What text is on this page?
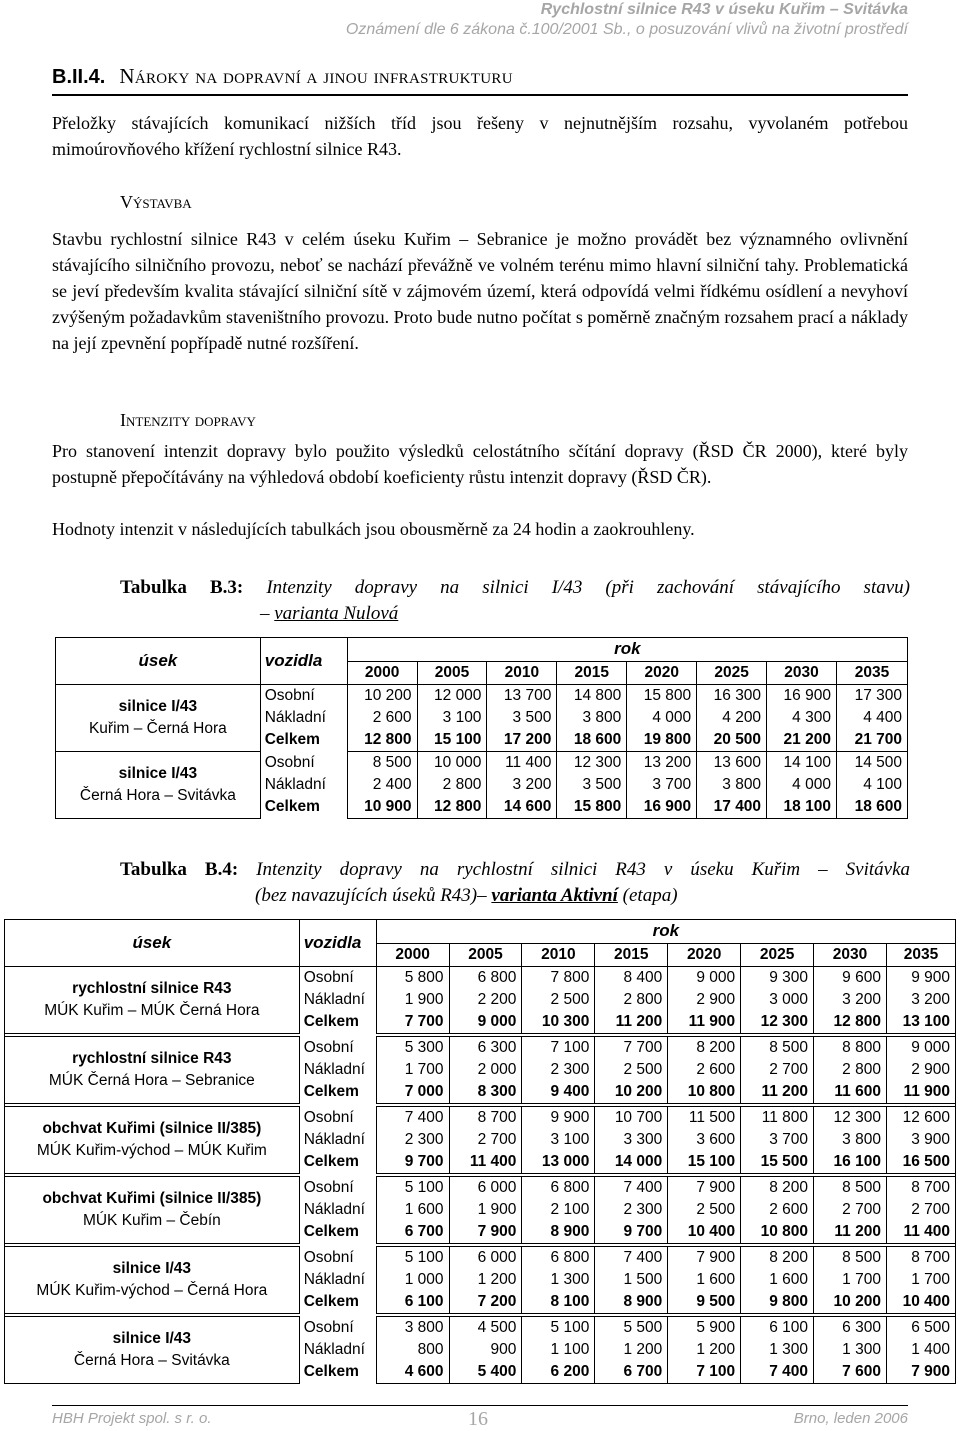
Rychlostní silnice R43 v úseku Kuřim – Svitávka
Oznámení dle 6 zákona č.100/2001 Sb., o posuzování vlivů na životní prostředí
B.II.4. Nároky na dopravní a jinou infrastrukturu

Přeložky stávajících komunikací nižších tříd jsou řešeny v nejnutnějším rozsahu, vyvolaném potřebou mimoúrovňového křížení rychlostní silnice R43.

Výstavba

Stavbu rychlostní silnice R43 v celém úseku Kuřim – Sebranice je možno provádět bez významného ovlivnění stávajícího silničního provozu, neboť se nachází převážně ve volném terénu mimo hlavní silniční tahy. Problematická se jeví především kvalita stávající silniční sítě v zájmovém území, která odpovídá velmi řídkému osídlení a nevyhoví zvýšeným požadavkům staveništního provozu. Proto bude nutno počítat s poměrně značným rozsahem prací a náklady na její zpevnění popřípadě nutné rozšíření.

Intenzity dopravy

Pro stanovení intenzit dopravy bylo použito výsledků celostátního sčítání dopravy (ŘSD ČR 2000), které byly postupně přepočítávány na výhledová období koeficienty růstu intenzit dopravy (ŘSD ČR).

Hodnoty intenzit v následujících tabulkách jsou obousměrně za 24 hodin a zaokrouhleny.

Tabulka B.3: Intenzity dopravy na silnici I/43 (při zachování stávajícího stavu)
– varianta Nulová
úsek	vozidla	rok							
		2000	2005	2010	2015	2020	2025	2030	2035

silnice I/43
Kuřim – Černá Hora	Osobní	10 200	12 000	13 700	14 800	15 800	16 300	16 900	17 300
	Nákladní	2 600	3 100	3 500	3 800	4 000	4 200	4 300	4 400
	Celkem	12 800	15 100	17 200	18 600	19 800	20 500	21 200	21 700

silnice I/43
Černá Hora – Svitávka	Osobní	8 500	10 000	11 400	12 300	13 200	13 600	14 100	14 500
	Nákladní	2 400	2 800	3 200	3 500	3 700	3 800	4 000	4 100
	Celkem	10 900	12 800	14 600	15 800	16 900	17 400	18 100	18 600
Tabulka B.4: Intenzity dopravy na rychlostní silnici R43 v úseku Kuřim – Svitávka
(bez navazujících úseků R43)– varianta Aktivní (etapa)
úsek	vozidla	rok							
		2000	2005	2010	2015	2020	2025	2030	2035

rychlostní silnice R43
MÚK Kuřim – MÚK Černá Hora	Osobní	5 800	6 800	7 800	8 400	9 000	9 300	9 600	9 900
	Nákladní	1 900	2 200	2 500	2 800	2 900	3 000	3 200	3 200
	Celkem	7 700	9 000	10 300	11 200	11 900	12 300	12 800	13 100

rychlostní silnice R43
MÚK Černá Hora – Sebranice	Osobní	5 300	6 300	7 100	7 700	8 200	8 500	8 800	9 000
	Nákladní	1 700	2 000	2 300	2 500	2 600	2 700	2 800	2 900
	Celkem	7 000	8 300	9 400	10 200	10 800	11 200	11 600	11 900

obchvat Kuřimi (silnice II/385)
MÚK Kuřim-východ – MÚK Kuřim	Osobní	7 400	8 700	9 900	10 700	11 500	11 800	12 300	12 600
	Nákladní	2 300	2 700	3 100	3 300	3 600	3 700	3 800	3 900
	Celkem	9 700	11 400	13 000	14 000	15 100	15 500	16 100	16 500

obchvat Kuřimi (silnice II/385)
MÚK Kuřim – Čebín	Osobní	5 100	6 000	6 800	7 400	7 900	8 200	8 500	8 700
	Nákladní	1 600	1 900	2 100	2 300	2 500	2 600	2 700	2 700
	Celkem	6 700	7 900	8 900	9 700	10 400	10 800	11 200	11 400

silnice I/43
MÚK Kuřim-východ – Černá Hora	Osobní	5 100	6 000	6 800	7 400	7 900	8 200	8 500	8 700
	Nákladní	1 000	1 200	1 300	1 500	1 600	1 600	1 700	1 700
	Celkem	6 100	7 200	8 100	8 900	9 500	9 800	10 200	10 400

silnice I/43
Černá Hora – Svitávka	Osobní	3 800	4 500	5 100	5 500	5 900	6 100	6 300	6 500
	Nákladní	800	900	1 100	1 200	1 200	1 300	1 300	1 400
	Celkem	4 600	5 400	6 200	6 700	7 100	7 400	7 600	7 900
HBH Projekt spol. s r. o.	16	Brno, leden 2006
